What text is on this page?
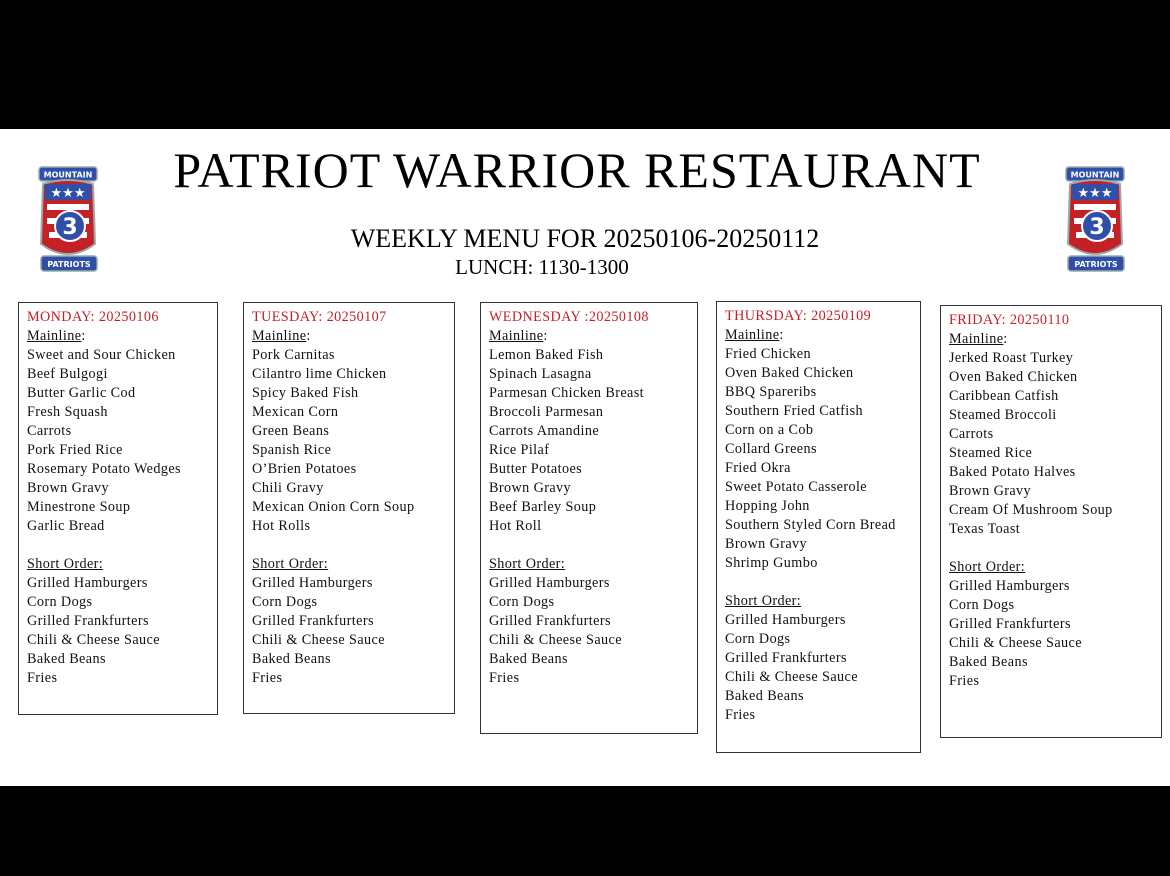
MOUNTAIN
★★★
3
PATRIOTS
MOUNTAIN
★★★
3
PATRIOTS
PATRIOT WARRIOR RESTAURANT
WEEKLY MENU FOR 20250106-20250112
LUNCH: 1130-1300
MONDAY: 20250106
Mainline:
Sweet and Sour Chicken
Beef Bulgogi
Butter Garlic Cod
Fresh Squash
Carrots
Pork Fried Rice
Rosemary Potato Wedges
Brown Gravy
Minestrone Soup
Garlic Bread
Short Order:
Grilled Hamburgers
Corn Dogs
Grilled Frankfurters
Chili & Cheese Sauce
Baked Beans
Fries
TUESDAY: 20250107
Mainline:
Pork Carnitas
Cilantro lime Chicken
Spicy Baked Fish
Mexican Corn
Green Beans
Spanish Rice
O’Brien Potatoes
Chili Gravy
Mexican Onion Corn Soup
Hot Rolls
Short Order:
Grilled Hamburgers
Corn Dogs
Grilled Frankfurters
Chili & Cheese Sauce
Baked Beans
Fries
WEDNESDAY :20250108
Mainline:
Lemon Baked Fish
Spinach Lasagna
Parmesan Chicken Breast
Broccoli Parmesan
Carrots Amandine
Rice Pilaf
Butter Potatoes
Brown Gravy
Beef Barley Soup
Hot Roll
Short Order:
Grilled Hamburgers
Corn Dogs
Grilled Frankfurters
Chili & Cheese Sauce
Baked Beans
Fries
THURSDAY: 20250109
Mainline:
Fried Chicken
Oven Baked Chicken
BBQ Spareribs
Southern Fried Catfish
Corn on a Cob
Collard Greens
Fried Okra
Sweet Potato Casserole
Hopping John
Southern Styled Corn Bread
Brown Gravy
Shrimp Gumbo
Short Order:
Grilled Hamburgers
Corn Dogs
Grilled Frankfurters
Chili & Cheese Sauce
Baked Beans
Fries
FRIDAY: 20250110
Mainline:
Jerked Roast Turkey
Oven Baked Chicken
Caribbean Catfish
Steamed Broccoli
Carrots
Steamed Rice
Baked Potato Halves
Brown Gravy
Cream Of Mushroom Soup
Texas Toast
Short Order:
Grilled Hamburgers
Corn Dogs
Grilled Frankfurters
Chili & Cheese Sauce
Baked Beans
Fries
